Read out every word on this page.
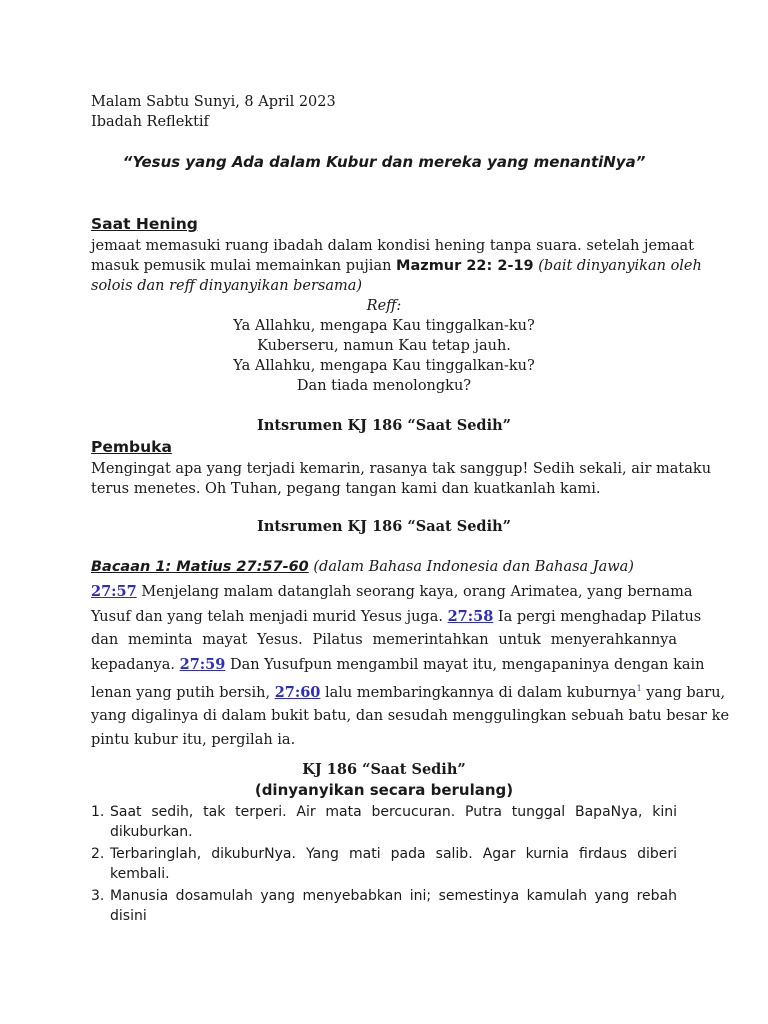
Malam Sabtu Sunyi, 8 April 2023
Ibadah Reflektif
“Yesus yang Ada dalam Kubur dan mereka yang menantiNya”
Saat Hening
jemaat memasuki ruang ibadah dalam kondisi hening tanpa suara. setelah jemaat
masuk pemusik mulai memainkan pujian Mazmur 22: 2-19 (bait dinyanyikan oleh
solois dan reff dinyanyikan bersama)
Reff:
Ya Allahku, mengapa Kau tinggalkan-ku?
Kuberseru, namun Kau tetap jauh.
Ya Allahku, mengapa Kau tinggalkan-ku?
Dan tiada menolongku?
Intsrumen KJ 186 “Saat Sedih”
Pembuka
Mengingat apa yang terjadi kemarin, rasanya tak sanggup! Sedih sekali, air mataku
terus menetes. Oh Tuhan, pegang tangan kami dan kuatkanlah kami.
Intsrumen KJ 186 “Saat Sedih”
Bacaan 1: Matius 27:57-60 (dalam Bahasa Indonesia dan Bahasa Jawa)
27:57 Menjelang malam datanglah seorang kaya, orang Arimatea, yang bernama
Yusuf dan yang telah menjadi murid Yesus juga. 27:58 Ia pergi menghadap Pilatus
dan meminta mayat Yesus. Pilatus memerintahkan untuk menyerahkannya
kepadanya. 27:59 Dan Yusufpun mengambil mayat itu, mengapaninya dengan kain
lenan yang putih bersih, 27:60 lalu membaringkannya di dalam kuburnya$^1$ yang baru,
yang digalinya di dalam bukit batu, dan sesudah menggulingkan sebuah batu besar ke
pintu kubur itu, pergilah ia.
KJ 186 “Saat Sedih”
(dinyanyikan secara berulang)
1. Saat sedih, tak terperi. Air mata bercucuran. Putra tunggal BapaNya, kini
dikuburkan.
2. Terbaringlah, dikuburNya. Yang mati pada salib. Agar kurnia firdaus diberi
kembali.
3. Manusia dosamulah yang menyebabkan ini; semestinya kamulah yang rebah
disini
